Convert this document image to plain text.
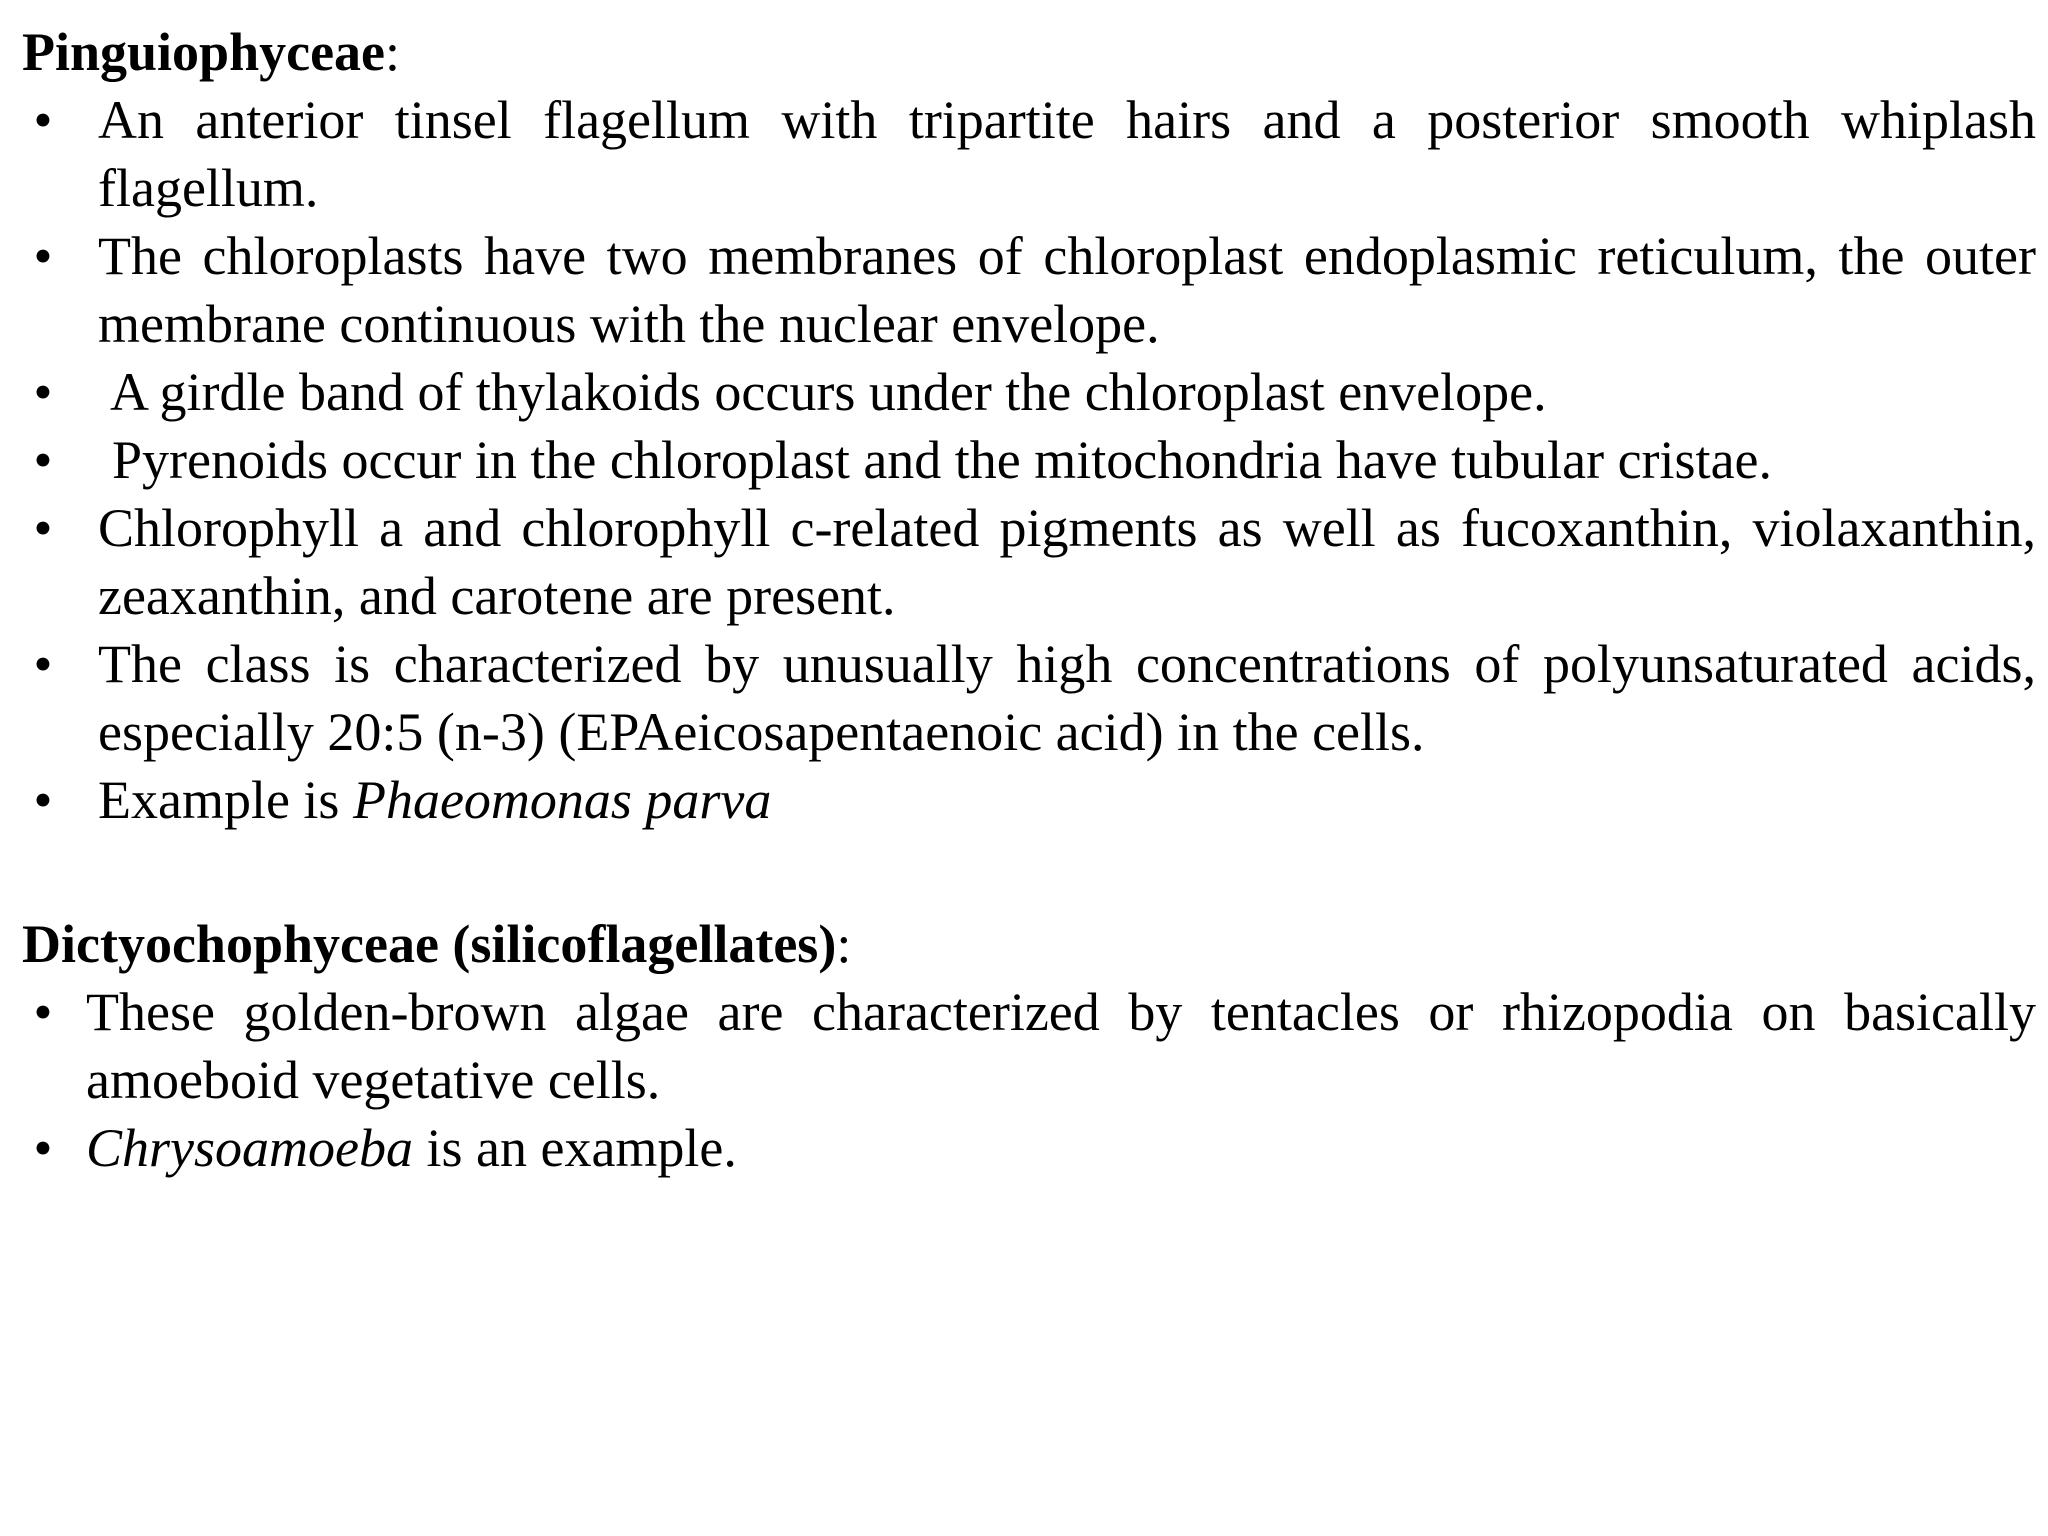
Pinguiophyceae:

• An anterior tinsel flagellum with tripartite hairs and a posterior smooth whiplash flagellum.
• The chloroplasts have two membranes of chloroplast endoplasmic reticulum, the outer membrane continuous with the nuclear envelope.
• A girdle band of thylakoids occurs under the chloroplast envelope.
• Pyrenoids occur in the chloroplast and the mitochondria have tubular cristae.
• Chlorophyll a and chlorophyll c-related pigments as well as fucoxanthin, violaxanthin, zeaxanthin, and carotene are present.
• The class is characterized by unusually high concentrations of polyunsaturated acids, especially 20:5 (n-3) (EPAeicosapentaenoic acid) in the cells.
• Example is Phaeomonas parva

Dictyochophyceae (silicoflagellates):

• These golden-brown algae are characterized by tentacles or rhizopodia on basically amoeboid vegetative cells.
• Chrysoamoeba is an example.
